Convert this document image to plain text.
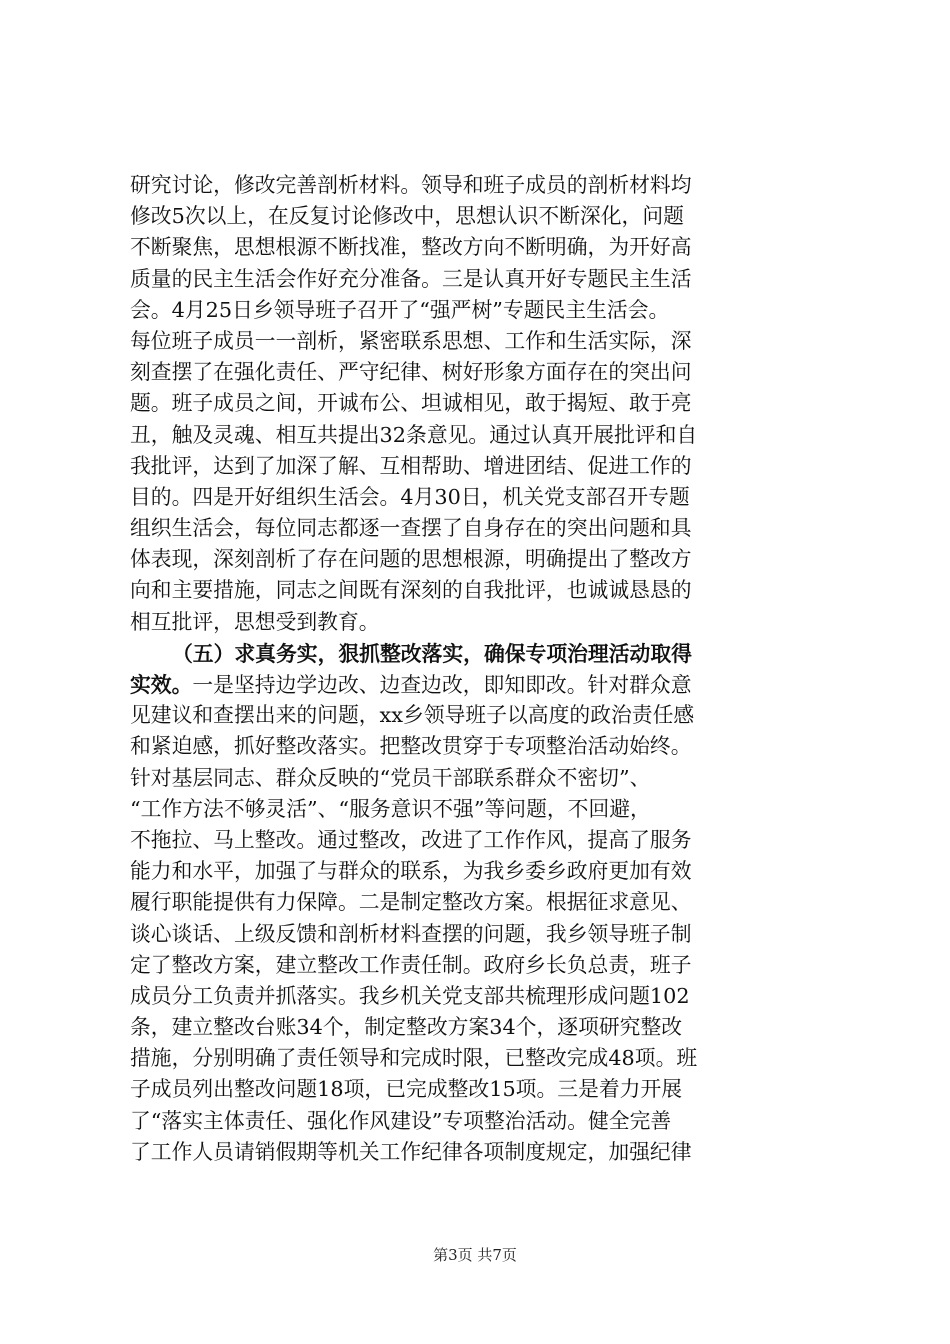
研究讨论，修改完善剖析材料。领导和班子成员的剖析材料均
修改5次以上，在反复讨论修改中，思想认识不断深化，问题
不断聚焦，思想根源不断找准，整改方向不断明确，为开好高
质量的民主生活会作好充分准备。三是认真开好专题民主生活
会。4月25日乡领导班子召开了“强严树”专题民主生活会。
每位班子成员一一剖析，紧密联系思想、工作和生活实际，深
刻查摆了在强化责任、严守纪律、树好形象方面存在的突出问
题。班子成员之间，开诚布公、坦诚相见，敢于揭短、敢于亮
丑，触及灵魂、相互共提出32条意见。通过认真开展批评和自
我批评，达到了加深了解、互相帮助、增进团结、促进工作的
目的。四是开好组织生活会。4月30日，机关党支部召开专题
组织生活会，每位同志都逐一查摆了自身存在的突出问题和具
体表现，深刻剖析了存在问题的思想根源，明确提出了整改方
向和主要措施，同志之间既有深刻的自我批评，也诚诚恳恳的
相互批评，思想受到教育。
（五）求真务实，狠抓整改落实，确保专项治理活动取得
实效。一是坚持边学边改、边查边改，即知即改。针对群众意
见建议和查摆出来的问题，xx乡领导班子以高度的政治责任感
和紧迫感，抓好整改落实。把整改贯穿于专项整治活动始终。
针对基层同志、群众反映的“党员干部联系群众不密切”、
“工作方法不够灵活”、“服务意识不强”等问题，不回避，
不拖拉、马上整改。通过整改，改进了工作作风，提高了服务
能力和水平，加强了与群众的联系，为我乡委乡政府更加有效
履行职能提供有力保障。二是制定整改方案。根据征求意见、
谈心谈话、上级反馈和剖析材料查摆的问题，我乡领导班子制
定了整改方案，建立整改工作责任制。政府乡长负总责，班子
成员分工负责并抓落实。我乡机关党支部共梳理形成问题102
条，建立整改台账34个，制定整改方案34个，逐项研究整改
措施，分别明确了责任领导和完成时限，已整改完成48项。班
子成员列出整改问题18项，已完成整改15项。三是着力开展
了“落实主体责任、强化作风建设”专项整治活动。健全完善
了工作人员请销假期等机关工作纪律各项制度规定，加强纪律
第3页 共7页
